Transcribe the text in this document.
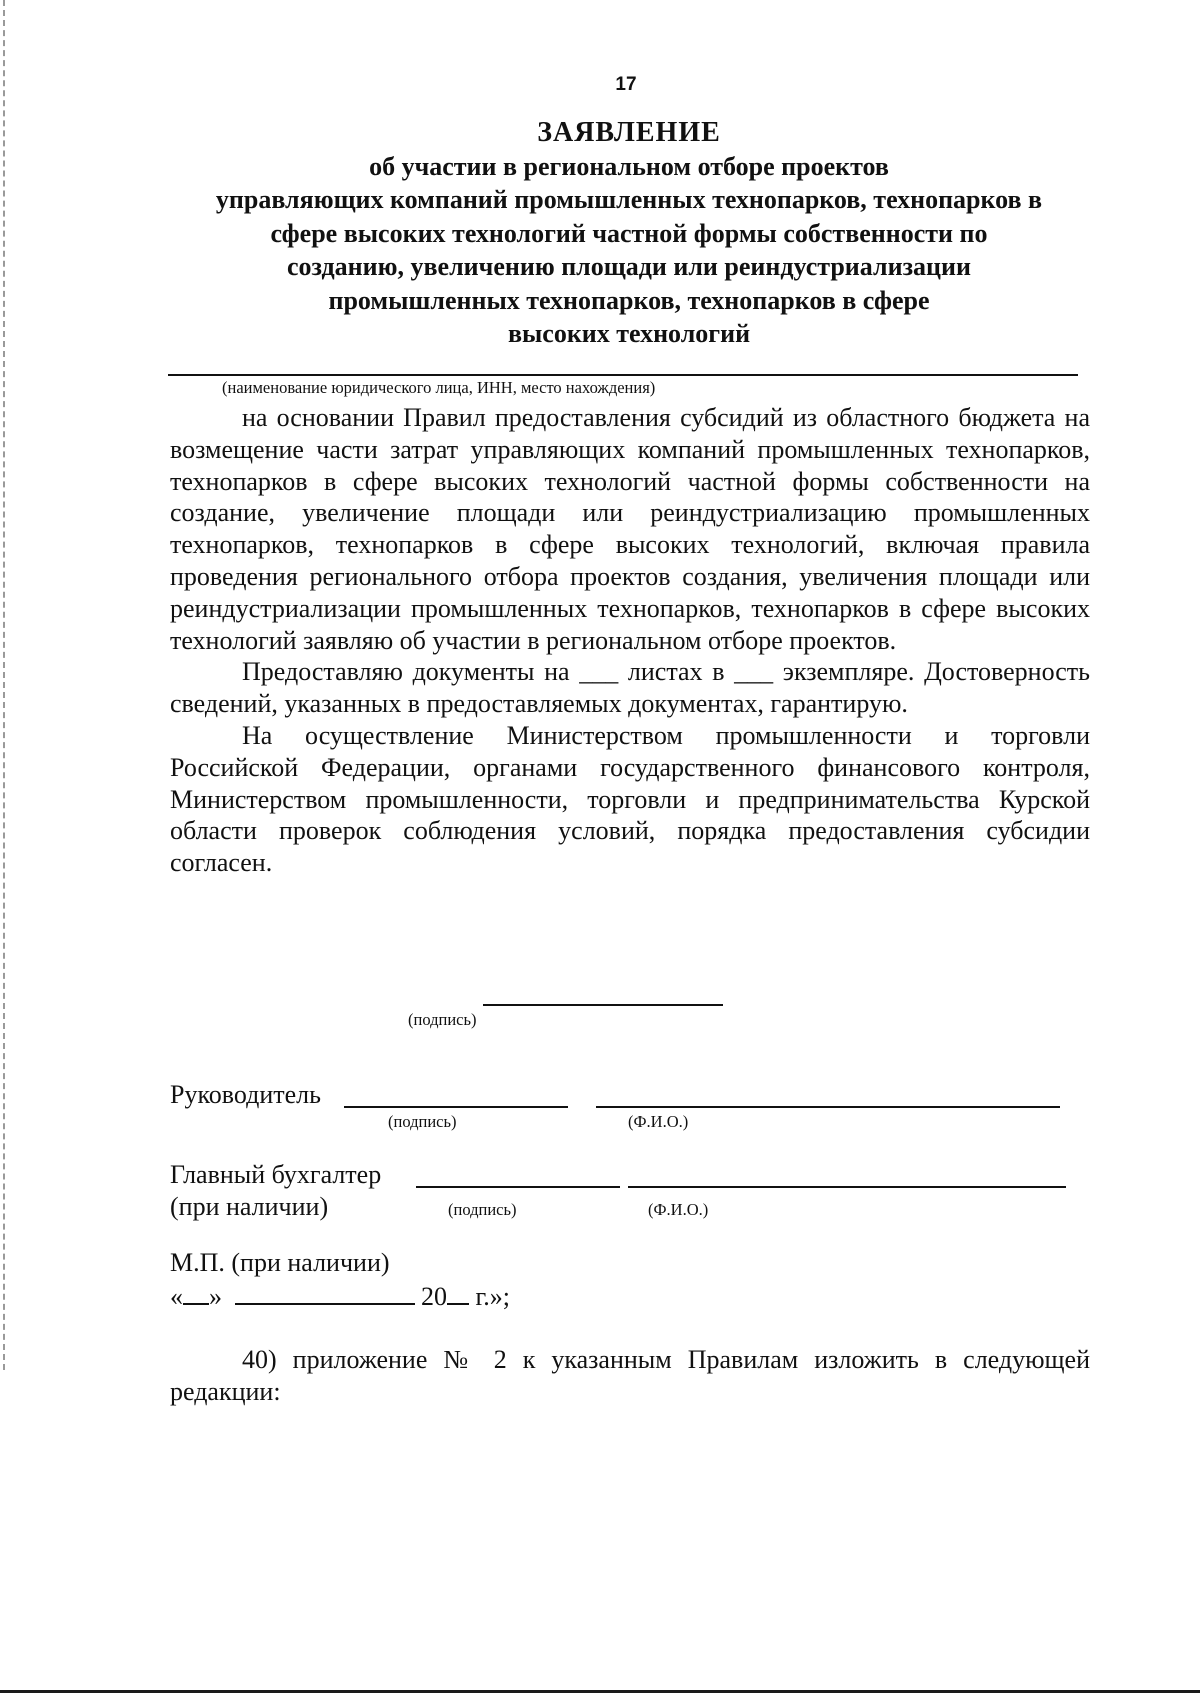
17
ЗАЯВЛЕНИЕ
об участии в региональном отборе проектов
управляющих компаний промышленных технопарков, технопарков в
сфере высоких технологий частной формы собственности по
созданию, увеличению площади или реиндустриализации
промышленных технопарков, технопарков в сфере
высоких технологий
(наименование юридического лица, ИНН, место нахождения)

на основании Правил предоставления субсидий из областного бюджета на возмещение части затрат управляющих компаний промышленных технопарков, технопарков в сфере высоких технологий частной формы собственности на создание, увеличение площади или реиндустриализацию промышленных технопарков, технопарков в сфере высоких технологий, включая правила проведения регионального отбора проектов создания, увеличения площади или реиндустриализации промышленных технопарков, технопарков в сфере высоких технологий заявляю об участии в региональном отборе проектов.

Предоставляю документы на ___ листах в ___ экземпляре. Достоверность сведений, указанных в предоставляемых документах, гарантирую.

На осуществление Министерством промышленности и торговли Российской Федерации, органами государственного финансового контроля, Министерством промышленности, торговли и предпринимательства Курской области проверок соблюдения условий, порядка предоставления субсидии согласен.

(подпись)
Руководитель
(подпись)	(Ф.И.О.)
Главный бухгалтер
(при наличии)	(подпись)	(Ф.И.О.)
М.П. (при наличии)
« »	20 г.»;

40) приложение № 2 к указанным Правилам изложить в следующей редакции:
